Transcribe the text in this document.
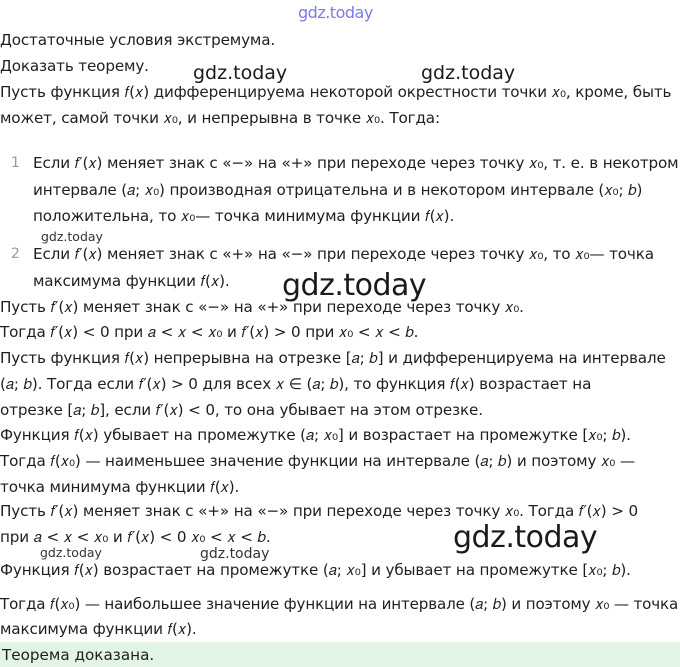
gdz.today
gdz.today	gdz.today
gdz.today
gdz.today
gdz.today
gdz.today	gdz.today
Достаточные условия экстремума.
Доказать теорему.
Пусть функция 𝑓(𝑥) дифференцируема некоторой окрестности точки 𝑥₀, кроме, быть
может, самой точки 𝑥₀, и непрерывна в точке 𝑥₀. Тогда:
1 Если 𝑓′(𝑥) меняет знак с «−» на «+» при переходе через точку 𝑥₀, т. е. в некотром
интервале (𝑎; 𝑥₀) производная отрицательна и в некотором интервале (𝑥₀; 𝑏)
положительна, то 𝑥₀— точка минимума функции 𝑓(𝑥).
2 Если 𝑓′(𝑥) меняет знак с «+» на «−» при переходе через точку 𝑥₀, то 𝑥₀— точка
максимума функции 𝑓(𝑥).
Пусть 𝑓′(𝑥) меняет знак с «−» на «+» при переходе через точку 𝑥₀.
Тогда 𝑓′(𝑥) < 0 при 𝑎 < 𝑥 < 𝑥₀ и 𝑓′(𝑥) > 0 при 𝑥₀ < 𝑥 < 𝑏.
Пусть функция 𝑓(𝑥) непрерывна на отрезке [𝑎; 𝑏] и дифференцируема на интервале
(𝑎; 𝑏). Тогда если 𝑓′(𝑥) > 0 для всех 𝑥 ∈ (𝑎; 𝑏), то функция 𝑓(𝑥) возрастает на
отрезке [𝑎; 𝑏], если 𝑓′(𝑥) < 0, то она убывает на этом отрезке.
Функция 𝑓(𝑥) убывает на промежутке (𝑎; 𝑥₀] и возрастает на промежутке [𝑥₀; 𝑏).
Тогда 𝑓(𝑥₀) — наименьшее значение функции на интервале (𝑎; 𝑏) и поэтому 𝑥₀ —
точка минимума функции 𝑓(𝑥).
Пусть 𝑓′(𝑥) меняет знак с «+» на «−» при переходе через точку 𝑥₀. Тогда 𝑓′(𝑥) > 0
при 𝑎 < 𝑥 < 𝑥₀ и 𝑓′(𝑥) < 0 𝑥₀ < 𝑥 < 𝑏.
Функция 𝑓(𝑥) возрастает на промежутке (𝑎; 𝑥₀] и убывает на промежутке [𝑥₀; 𝑏).
Тогда 𝑓(𝑥₀) — наибольшее значение функции на интервале (𝑎; 𝑏) и поэтому 𝑥₀ — точка
максимума функции 𝑓(𝑥).
Теорема доказана.
